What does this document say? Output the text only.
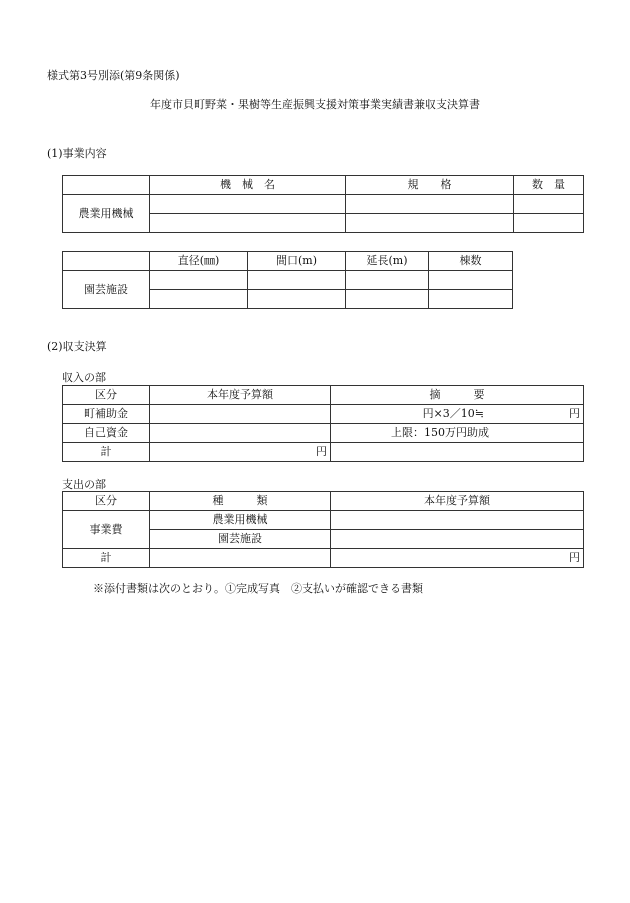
様式第3号別添(第9条関係)
年度市貝町野菜・果樹等生産振興支援対策事業実績書兼収支決算書
(1)事業内容
	機　械　名	規　　格	数　量
農業用機械			

	直径(㎜)	間口(m)	延長(m)	棟数
園芸施設				

(2)収支決算
収入の部
区分	本年度予算額	摘　　　要
町補助金		円×3／10≒ 円

自己資金		上限：150万円助成
計	円	
支出の部
区分	種　　　類	本年度予算額
事業費	農業用機械	
	園芸施設	
計		円
※添付書類は次のとおり。①完成写真　②支払いが確認できる書類
